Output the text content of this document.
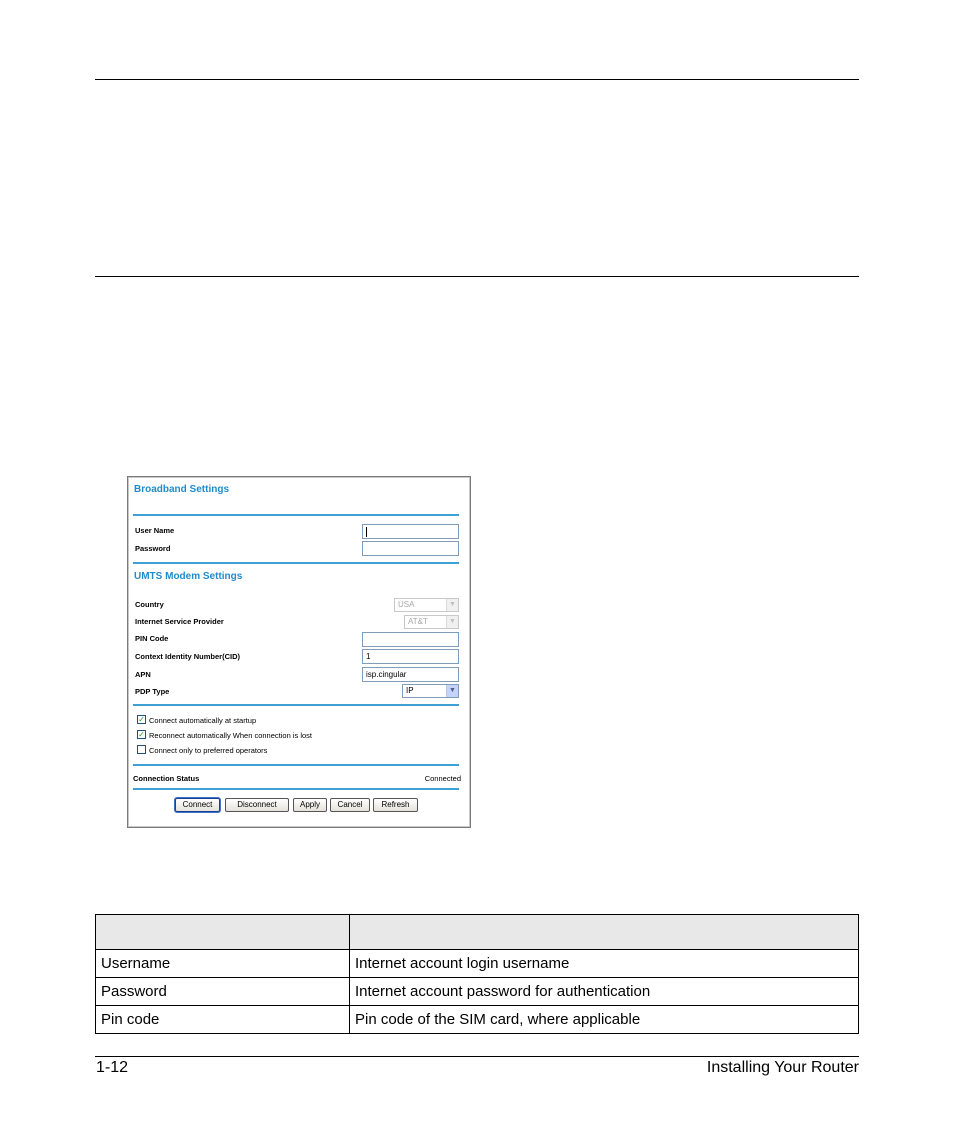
Broadband Settings
User Name
Password
UMTS Modem Settings
Country	USA	▼
Internet Service Provider	AT&T	▼
PIN Code
Context Identity Number(CID)	1
APN	isp.cingular
PDP Type	IP	▼
✓ Connect automatically at startup
✓ Reconnect automatically When connection is lost
Connect only to preferred operators
Connection Status	Connected
Connect	Disconnect	Apply	Cancel	Refresh

Username	Internet account login username
Password	Internet account password for authentication
Pin code	Pin code of the SIM card, where applicable
1-12	Installing Your Router
